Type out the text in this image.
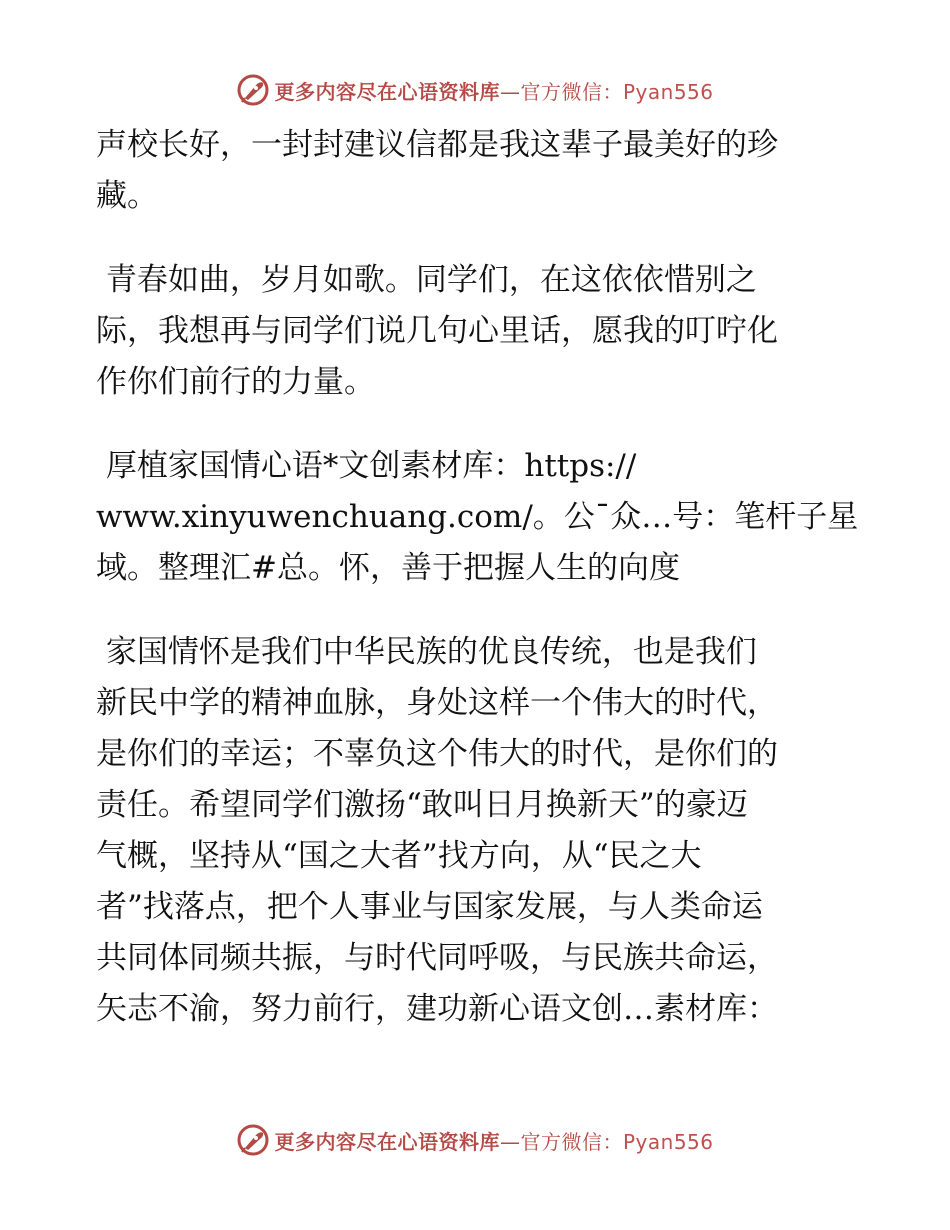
更多内容尽在心语资料库—官方微信：Pyan556
声校长好，一封封建议信都是我这辈子最美好的珍
藏。
青春如曲，岁月如歌。同学们，在这依依惜别之
际，我想再与同学们说几句心里话，愿我的叮咛化
作你们前行的力量。
厚植家国情心语*文创素材库：https://
www.xinyuwenchuang.com/。公¯众…号：笔杆子星
域。整理汇#总。怀，善于把握人生的向度
家国情怀是我们中华民族的优良传统，也是我们
新民中学的精神血脉，身处这样一个伟大的时代，
是你们的幸运；不辜负这个伟大的时代，是你们的
责任。希望同学们激扬“敢叫日月换新天”的豪迈
气概，坚持从“国之大者”找方向，从“民之大
者”找落点，把个人事业与国家发展，与人类命运
共同体同频共振，与时代同呼吸，与民族共命运，
矢志不渝，努力前行，建功新心语文创…素材库：
更多内容尽在心语资料库—官方微信：Pyan556
